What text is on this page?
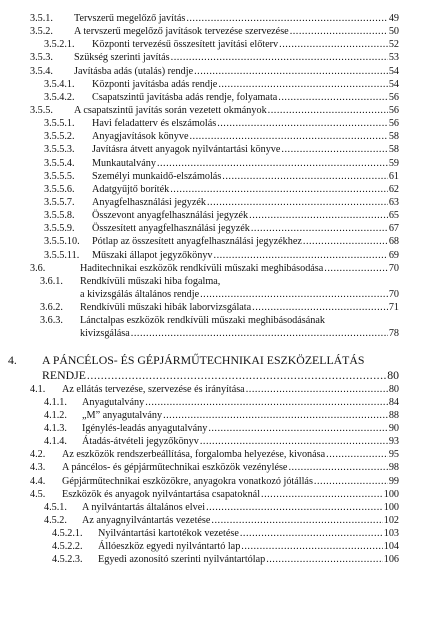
3.5.1. Tervszerű megelőző javítás .....	49
3.5.2. A tervszerű megelőző javítások tervezése szervezése .....	50
3.5.2.1. Központi tervezésű összesített javítási előterv .....	52
3.5.3. Szükség szerinti javítás .....	53
3.5.4. Javításba adás (utalás) rendje .....	54
3.5.4.1. Központi javításba adás rendje .....	54
3.5.4.2. Csapatszintű javításba adás rendje, folyamata .....	56
3.5.5. A csapatszintű javítás során vezetett okmányok .....	56
3.5.5.1. Havi feladatterv és elszámolás .....	56
3.5.5.2. Anyagjavítások könyve .....	58
3.5.5.3. Javításra átvett anyagok nyilvántartási könyve .....	58
3.5.5.4. Munkautalvány .....	59
3.5.5.5. Személyi munkaidő-elszámolás .....	61
3.5.5.6. Adatgyűjtő boríték .....	62
3.5.5.7. Anyagfelhasználási jegyzék .....	63
3.5.5.8. Összevont anyagfelhasználási jegyzék .....	65
3.5.5.9. Összesített anyagfelhasználási jegyzék .....	67
3.5.5.10. Pótlap az összesített anyagfelhasználási jegyzékhez .....	68
3.5.5.11. Műszaki állapot jegyzőkönyv .....	69
3.6.	Haditechnikai eszközök rendkívüli műszaki meghibásodása .....	70
3.6.1. Rendkívüli műszaki hiba fogalma,
a kivizsgálás általános rendje .....	70
3.6.2. Rendkívüli műszaki hibák laborvizsgálata .....	71
3.6.3. Lánctalpas eszközök rendkívüli műszaki meghibásodásának
kivizsgálása .....	78
4. A PÁNCÉLOS- ÉS GÉPJÁRMŰTECHNIKAI ESZKÖZELLÁTÁS
RENDJE .....	80
4.1. Az ellátás tervezése, szervezése és irányítása .....	80
4.1.1. Anyagutalvány .....	84
4.1.2. „M” anyagutalvány .....	88
4.1.3. Igénylés-leadás anyagutalvány .....	90
4.1.4. Átadás-átvételi jegyzőkönyv .....	93
4.2. Az eszközök rendszerbeállítása, forgalomba helyezése, kivonása .....	95
4.3. A páncélos- és gépjárműtechnikai eszközök vezénylése .....	98
4.4. Gépjárműtechnikai eszközökre, anyagokra vonatkozó jótállás .....	99
4.5. Eszközök és anyagok nyilvántartása csapatoknál .....	100
4.5.1. A nyilvántartás általános elvei .....	100
4.5.2. Az anyagnyilvántartás vezetése .....	102
4.5.2.1. Nyilvántartási kartotékok vezetése .....	103
4.5.2.2. Állóeszköz egyedi nyilvántartó lap .....	104
4.5.2.3. Egyedi azonosító szerinti nyilvántartólap .....	106
